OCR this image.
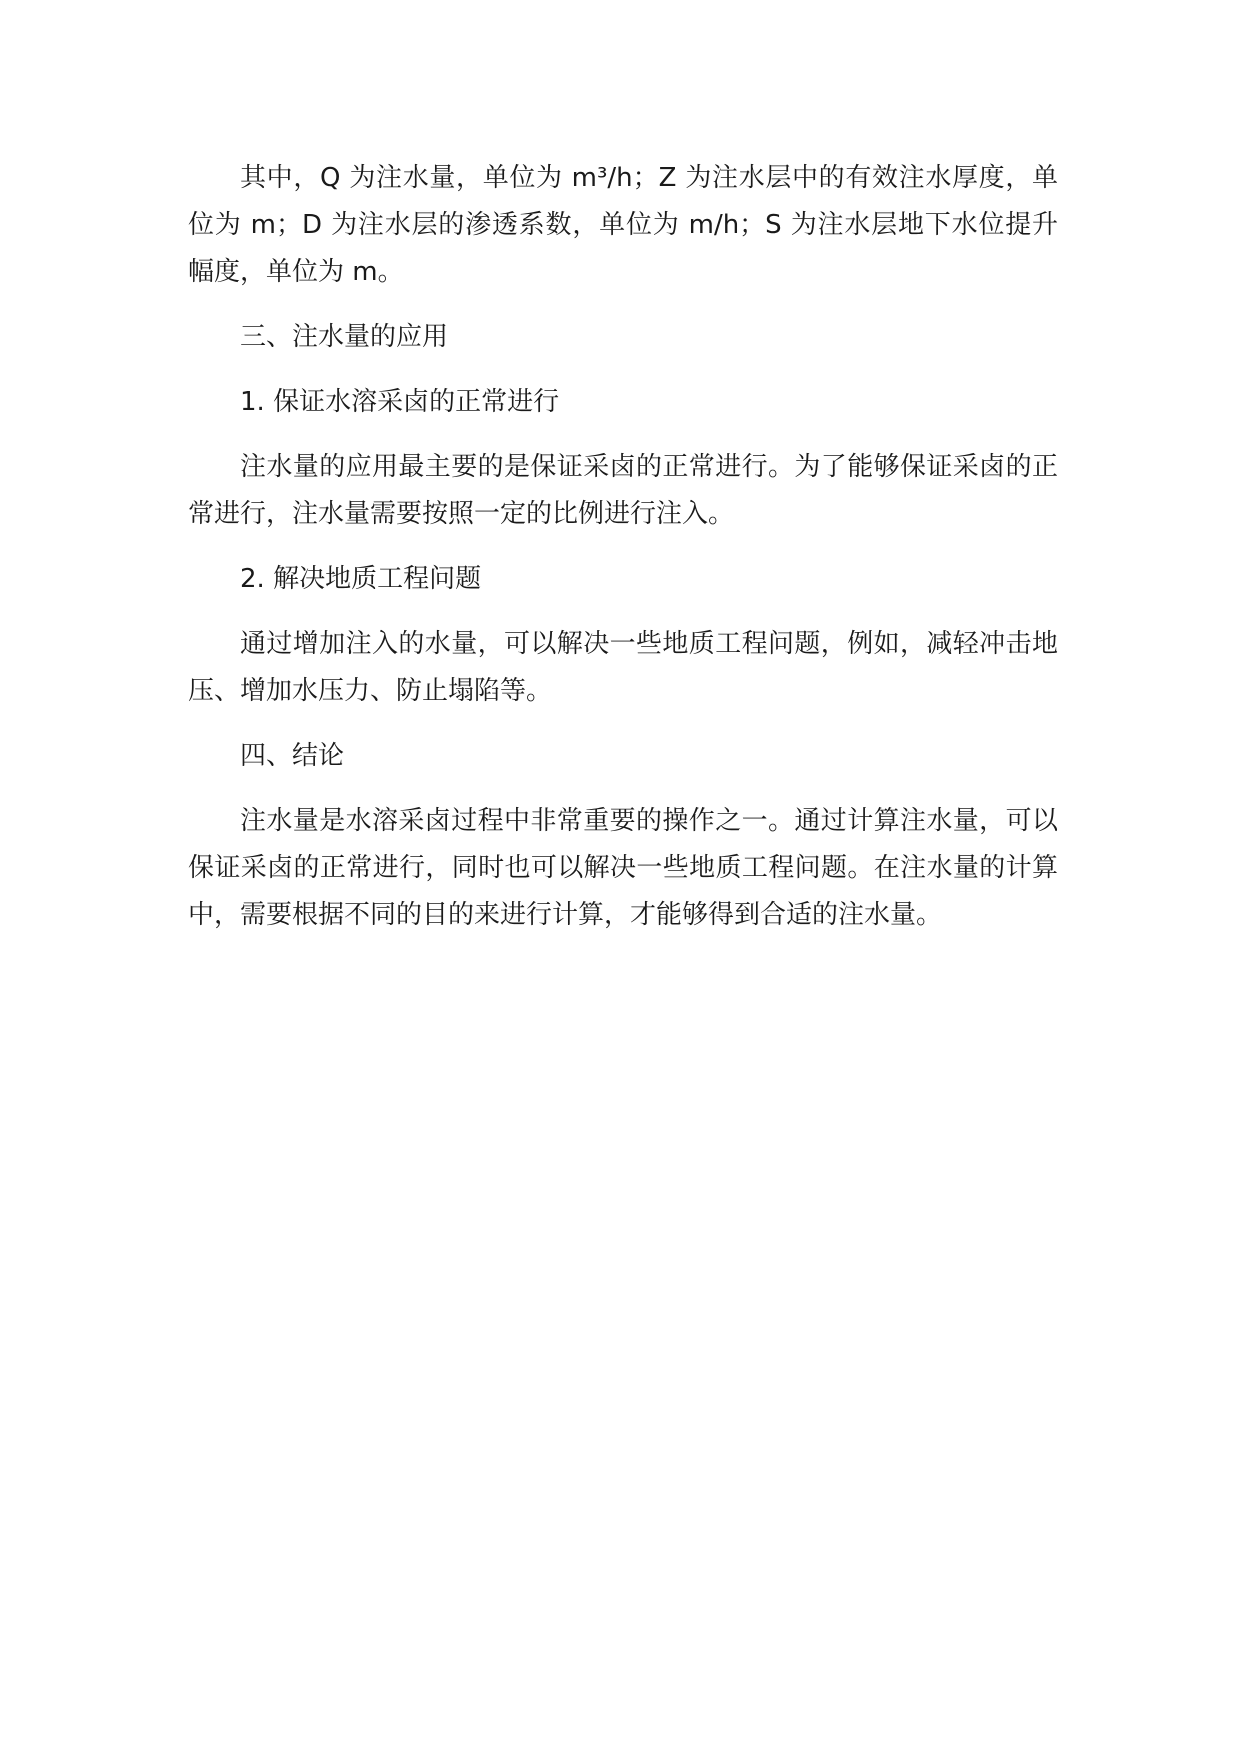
其中，Q 为注水量，单位为 m³/h；Z 为注水层中的有效注水厚度，单位为 m；D 为注水层的渗透系数，单位为 m/h；S 为注水层地下水位提升幅度，单位为 m。

三、注水量的应用

1. 保证水溶采卤的正常进行

注水量的应用最主要的是保证采卤的正常进行。为了能够保证采卤的正常进行，注水量需要按照一定的比例进行注入。

2. 解决地质工程问题

通过增加注入的水量，可以解决一些地质工程问题，例如，减轻冲击地压、增加水压力、防止塌陷等。

四、结论

注水量是水溶采卤过程中非常重要的操作之一。通过计算注水量，可以保证采卤的正常进行，同时也可以解决一些地质工程问题。在注水量的计算中，需要根据不同的目的来进行计算，才能够得到合适的注水量。
